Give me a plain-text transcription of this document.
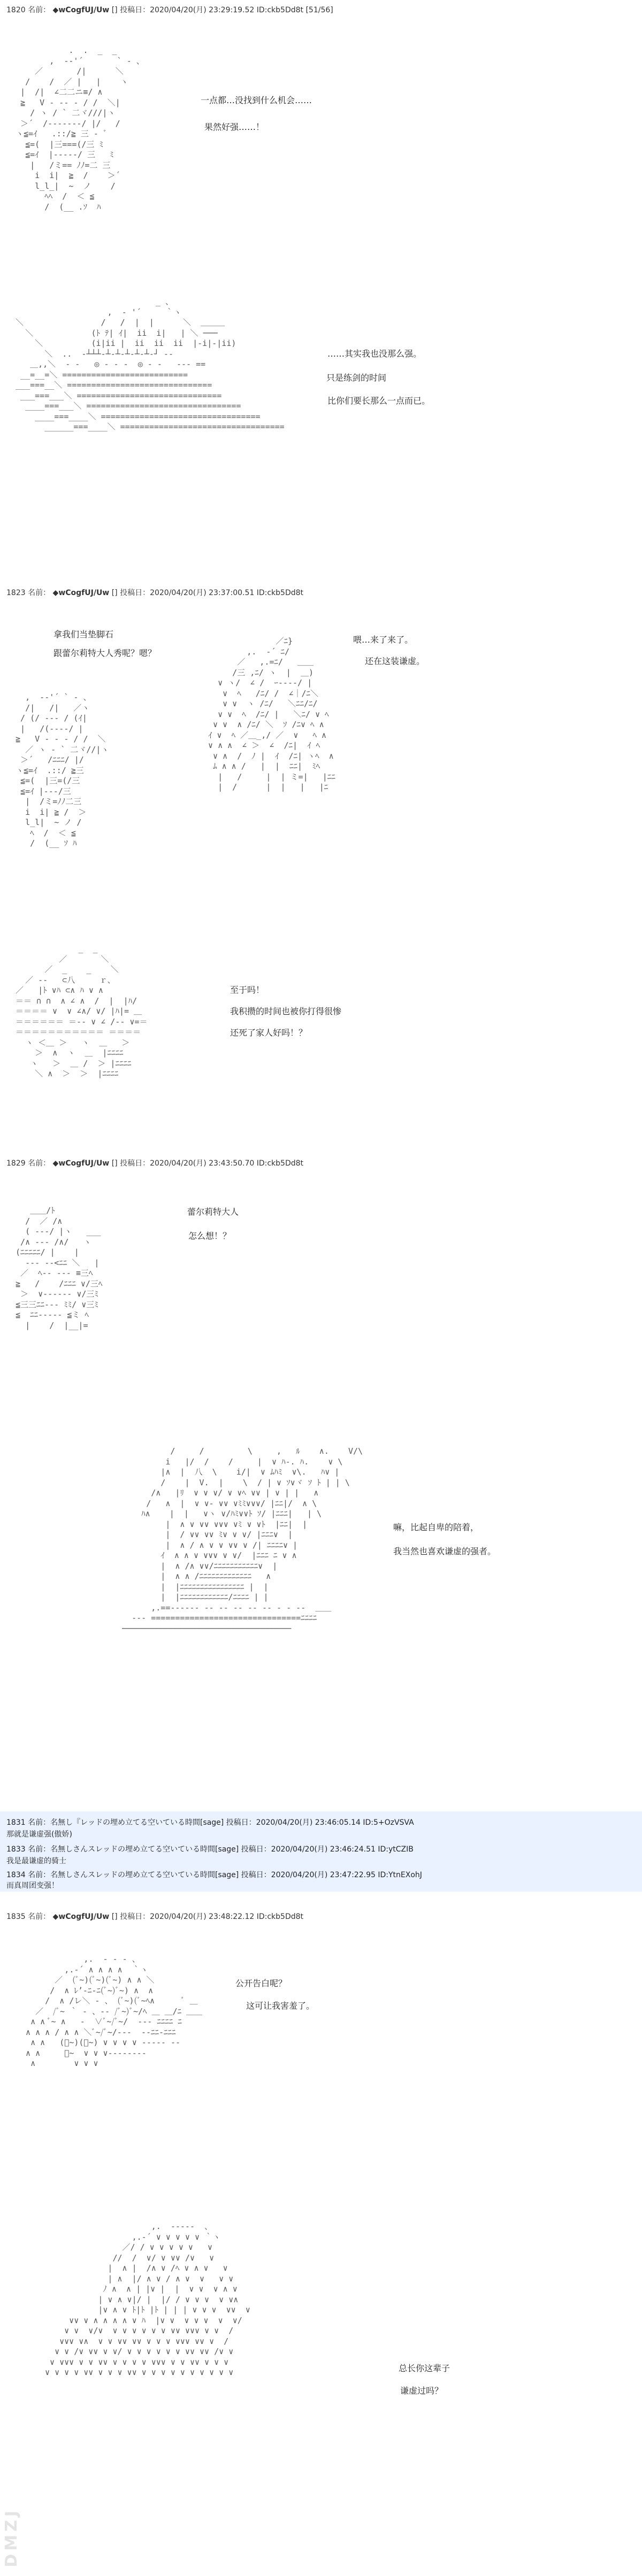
1820 名前： ◆wCogfUJ/Uw [] 投稿日：2020/04/20(月) 23:29:19.52 ID:ckb5Dd8t [51/56]
.  .  _  _
,  -‐'´       ` ‐ 、
／       /|      ＼
/    /  ／ |   |    ヽ
|  /|  ∠二二ニ≡/ ∧
≧   V ‐ -- ‐ / /  ＼|
/ ヽ / ` 二ヾ///|ヽ
＞´  /‐‐‐‐‐‐‐/ |/   /
ヽ≦=ｲ   .::/≧ 三 - ﾞ
≦=(  |三===(/三 ﾐ
≦=ｲ  |‐‐‐‐‐/ 三   ﾐ
|   /ミ== ﾉﾉ=二 三
i  i|  ≧  /    ＞´
l_l_|  ~  ノ    /
ﾍﾍ  /  ＜ ≦
/  (__ .ｿ  ﾊ
一点都…没找到什么机会……
果然好强……！
_ 、
,  ‐ '´     ｀ヽ
＼                /   /  |  |      ＼  ＿＿＿
＼            (ﾄ ﾃ| ｲ|  ii  i|   | ＼ ───
＼          (i|ii |  ii  ii  ii  |-i|-|ii)
＼  ..  ‐┴┴┴‐┴‐┴‐┴‐┴‐┴‐┘ ‐‐
＿,,＼  ‐ ‐   ◎ ‐ ‐ ‐  ◎ ‐ ‐   ‐‐‐ ==
__=__=＼ ==========================
___===__＼ ==============================
___===___＼ ==============================
____===___＼ ================================
____===____＼ =================================
______===____＼ ==================================
……其实我也没那么强。
只是练剑的时间
比你们要长那么一点而已。
1823 名前： ◆wCogfUJ/Uw [] 投稿日：2020/04/20(月) 23:37:00.51 ID:ckb5Dd8t
拿我们当垫脚石
跟蕾尔莉特大人秀呢？嗯？
,  -‐'´ ` ‐ 、
/|   /|   ／ヽ
/ (/ ‐‐‐ / (ｲ|
|   /(‐‐‐‐/ |
≧   V ‐ - ‐ / /  ＼
／ ヽ ‐ ` 二ヾ//|ヽ
＞´   /ﾆﾆﾆ/ |/
ヽ≦=ｲ  .::/ ≧三
≦=(  |三=(/三
≦=ｲ |‐‐‐/三
|  /ミ=ﾉﾉ二三
i  i| ≧ /  ＞
l_l|  ~ ノ /
ﾍ  /  ＜ ≦
/  (__ ｿ ﾊ
／ﾆ}
,.  ‐´ ﾆ/
／   ,.=ﾆ/   ＿＿
/三 ,ﾆ/ ヽ  |  ＿)
∨ ヽ/  ∠ /  ｰ‐--‐/ |
∨  ﾍ   /ﾆ/ /  ∠｜/ﾆ＼
∨ ∨  ヽ /ﾆ/   ＼ﾆﾆ/ﾆ/
∨ ∨  ﾍ  /ﾆ/ |   ＼ﾆ/ ∨ ﾍ
∨ ∨  ∧ /ﾆ/ ＼  ｿ /ﾆ∨ ﾍ ∧
ｲ ∨  ﾍ ／＿_,/ ／  ∨   ﾍ ∧
∨ ∧ ∧  ∠ ＞  ∠  /ﾆ|  ｲ ﾍ
∨ ∧  /  ﾉ |  ｲ  /ﾆ| ヽﾍ  ∧
ﾑ ∧ ∧ /   |  |  ﾆﾆ|  ﾐﾍ
|   /     |  | ミ=|   |ﾆﾆ
|  /      |  |   |   |ﾆ
喂…来了来了。
还在这装谦虚。
_  _
／       ＼
／  _    _    ＼
／ ‐‐   ⊂八     ｒ、
／   |ﾄ ∨ﾊ ⊂∧ ﾊ ∨ ∧
＝＝ ∩ ∩  ∧ ∠ ∧  /  |  |ﾊ/
＝＝＝＝ ∨  ∨ ∠∧/ ∨/ |ﾊ|= ＿
＝＝＝＝＝＝ ＝‐‐ ∨ ∠ /‐‐ ∨=＝
＝＝＝＝＝＝＝＝＝＝＝ ＝＝＝＝
ヽ ＜＿ ＞   ヽ  ＿   ＞
＞  ∧  ヽ  ＿  |ﾆﾆﾆﾆ
ヽ   ＞  ＿ /  ＞ |ﾆﾆﾆﾆ
＼ ∧  ＞  ＞  |ﾆﾆﾆﾆ
至于吗！
我积攒的时间也被你打得很惨
还死了家人好吗！？
1829 名前： ◆wCogfUJ/Uw [] 投稿日：2020/04/20(月) 23:43:50.70 ID:ckb5Dd8t
＿＿/ﾄ
/  ／ /∧
( ‐‐‐/ |ヽ   ___
/∧ ‐‐‐ /∧/   ヽ
(ﾆﾆﾆﾆﾆ/ |    |
‐‐‐ ‐‐<ﾆﾆ ＼   |
／  ﾍ‐‐ ‐‐‐ ≡三ﾍ
≧   /    /ﾆﾆﾆ ∨/三ﾍ
＞  ∨‐‐‐‐‐‐ ∨/三ﾐ
≦三三ﾆﾆ‐‐‐ ﾐﾐ/ ∨三ﾐ
≦  ﾆﾆ‐‐‐‐‐ ≦ミ ﾍ
|    /  |__|=
蕾尔莉特大人
怎么想！？
/     /         \     ,   ﾙ    ∧.    V/\
i   |/  /    /     |  ∨ ﾊ-. ﾊ.    ∨ \
|∧  |  八  \    i/|  ∨ ﾑﾊﾐ  ∨\.   ﾊ∨ |
/    |  V.  |    \  / | ∨ ｿ∨ヾ ｿ ﾄ | | \
/∧   |ﾘ  ∨ ∨ ∨/ ∨ ∨ﾍ ∨∨ | ∨ | |   ∧
/   ∧  |  ∨ ∨‐ ∨∨ ∨ﾐﾐ∨∨∨/ |ﾆﾆ|/  ∧ \
ﾊ∧    |  |   ∨ヽ ∨/ﾊﾐ∨∨ﾄ ｿ/ |ﾆﾆﾆ|   | \
|  ∧ ∨ ∨∨ ∨∨∨ ∨ﾐ ∨ ∨ﾄ  |ﾆﾆ|  |
|  / ∨∨ ∨∨ ﾐ∨ ∨ ∨/ |ﾆﾆﾆ∨  |
|  ∧ / ∧ ∨ ∨ ∨∨ ∨ /| ﾆﾆﾆﾆ∨ |
ｲ  ∧ ∧ ∨ ∨∨∨ ∨ ∨/  |ﾆﾆﾆ ﾆ ∨ ∧
|  ∧ /∧ ∨∨/ﾆﾆﾆﾆﾆﾆﾆﾆﾆﾆﾆ∨  |
|  ∧ ∧ /ﾆﾆﾆﾆﾆﾆﾆﾆﾆﾆﾆﾆﾆ   ∧
|  |ﾆﾆﾆﾆﾆﾆﾆﾆﾆﾆﾆﾆﾆﾆﾆﾆ |  |
|  |ﾆﾆﾆﾆﾆﾆﾆﾆﾆﾆﾆﾆ/ﾆﾆﾆﾆ | |
,.==‐‐‐‐‐‐ ‐‐ ‐‐ ‐‐ ‐‐ ‐‐ ‐ ‐ ‐‐  ＿＿
‐‐‐ ===============================ﾆﾆﾆﾆ
───────────────────────────────────
嘛，比起自卑的陪着，
我当然也喜欢谦虚的强者。
1831 名前：名無し『レッドの埋め立てる空いている時間[sage] 投稿日：2020/04/20(月) 23:46:05.14 ID:5+OzVSVA
那就是谦虚强(傲娇)
1833 名前：名無しさんスレッドの埋め立てる空いている時間[sage] 投稿日：2020/04/20(月) 23:46:24.51 ID:ytCZIB
我是最谦虚的骑士
1834 名前：名無しさんスレッドの埋め立てる空いている時間[sage] 投稿日：2020/04/20(月) 23:47:22.95 ID:YtnEXohJ
而真周团变强！
1835 名前： ◆wCogfUJ/Uw [] 投稿日：2020/04/20(月) 23:48:22.12 ID:ckb5Dd8t
,.  ‐ ‐ ‐ 、
,.‐´ ∧ ∧ ∧ ∧  ｀ヽ
／  (ﾞ~)(ﾞ~)(ﾞ~) ∧ ∧ ＼
/  ∧ ﾚ’‐ﾆ-ﾆ(ﾞ~)ﾞ~) ∧  ∧
/  ∧ /レ＼ ‐ 、 (ﾞ~)(ﾞ~ﾍ∧      ﾞ ＿
／  /ﾞ~ ｀ ‐ 、‐- /ﾞ~)ﾞ~/ﾍ ＿ ＿/ﾆ ＿＿
∧ ∧ ﾞ~ ∧   ‐  ∨ﾞ~/ﾞ~/  ‐‐‐ ﾆﾆﾆﾆ ﾆ
∧ ∧ ∧ / ∧ ∧ ＼ﾞ~/ﾞ~/‐‐‐  ‐-ﾆﾆ-ﾆﾆﾆ
∧ ∧   (ﾞ~)(ﾞ~) ∨ ∨ ∨ ∨ ‐‐‐‐‐ ‐‐
∧ ∧     ﾞ~  ∨ ∨ ∨‐‐‐‐‐‐‐‐
∧        ∨ ∨ ∨
公开告白呢？
这可让我害羞了。
,.  -‐‐‐-  、
,.‐´ ∨ ∨ ∨ ∨ ∨ ｀ヽ
／/ / ∨ ∨ ∨ ∨ ∨   ∨
//  /  ∨/ ∨ ∨∨ /∨   ∨
|  ∧ |  /∧ ∨ /ﾍ ∨ ∧ ∨   ∨
| ∧  |/ ∧ ∨ / ∧ ∨  ∨   ∨ ∨
ﾉ ∧  ∧ | |∨ |  |  ∨ ∨  ∨ ∧ ∨
| ∨ ∧ ∨|/ |  |/ / ∨ ∨ ∨  ∨ ∨∧
|∨ ∧ ∨ ﾄ|ﾄ |ﾄ | | | ∨ ∨ ∨  ∨∨  ∨
∨∨ ∨ ∧ ∧ ∧ ∧ ∨ ﾊ  |∨ ∨  ∨ ∨ ∨  ∨  ∨/
∨ ∨  ∨/∨  ∨ ∨ ∨ ∨ ∨ ∨ ∨∨ ∨∨∨ ∨ ∨  /
∨∨∨ ∨∧  ∨ ∨ ∨∨ ∨∨ ∨ ∨ ∨ ∨∨∨ ∨∨ ∨  /
∨ ∨ /∨ ∨∨ ∨ ∨/ ∨ ∨ ∨ ∨ ∨ ∨ ∨∨ ∨∨ /∨ ∨
∨ ∨∨∨ ∨ ∨ ∨∨ ∨ ∨ ∨ ∨ ∨∨∨ ∨ ∨ ∨∨ ∨ ∨ ∨
∨ ∨ ∨ ∨ ∨∨ ∨ ∨ ∨ ∨∨ ∨ ∨ ∨ ∨ ∨ ∨ ∨ ∨ ∨ ∨	总长你这辈子
谦虚过吗？
DMZJ
